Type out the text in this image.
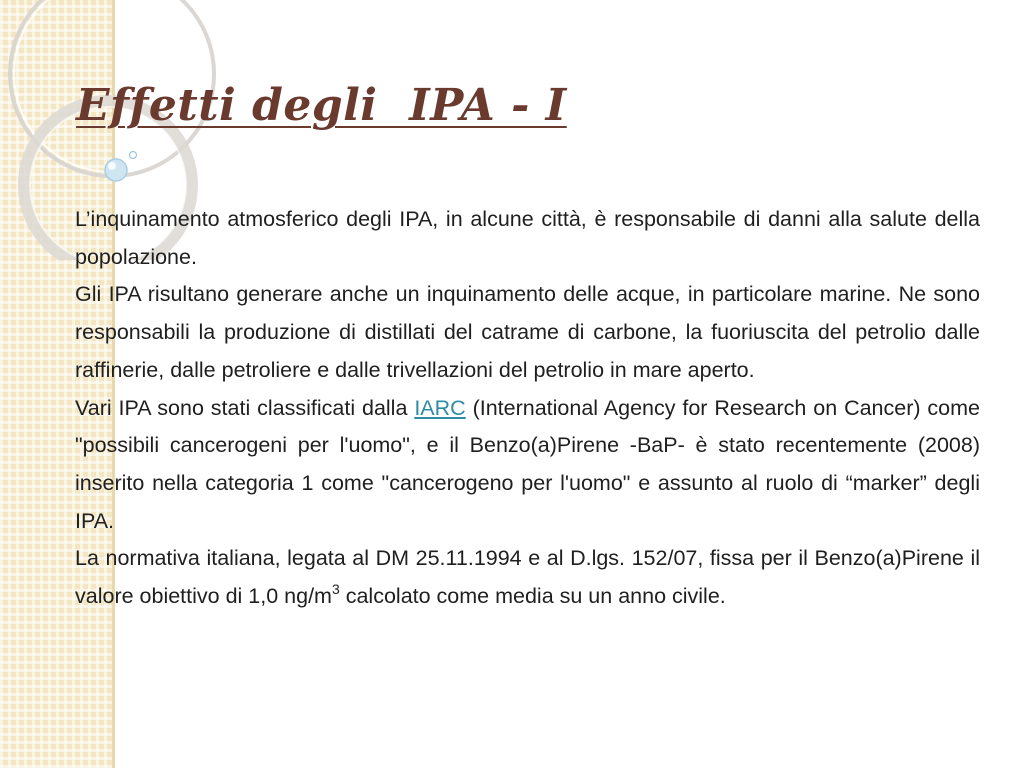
Effetti degli  IPA - I

L’inquinamento atmosferico degli IPA, in alcune città, è responsabile di danni alla salute della popolazione.

Gli IPA risultano generare anche un inquinamento delle acque, in particolare marine. Ne sono responsabili la produzione di distillati del catrame di carbone, la fuoriuscita del petrolio dalle raffinerie, dalle petroliere e dalle trivellazioni del petrolio in mare aperto.

Vari IPA sono stati classificati dalla IARC (International Agency for Research on Cancer) come "possibili cancerogeni per l'uomo", e il Benzo(a)Pirene -BaP- è stato recentemente (2008) inserito nella categoria 1 come "cancerogeno per l'uomo" e assunto al ruolo di “marker” degli IPA.

La normativa italiana, legata al DM 25.11.1994 e al D.lgs. 152/07, fissa per il Benzo(a)Pirene il valore obiettivo di 1,0 $ng/m^3$ calcolato come media su un anno civile.
